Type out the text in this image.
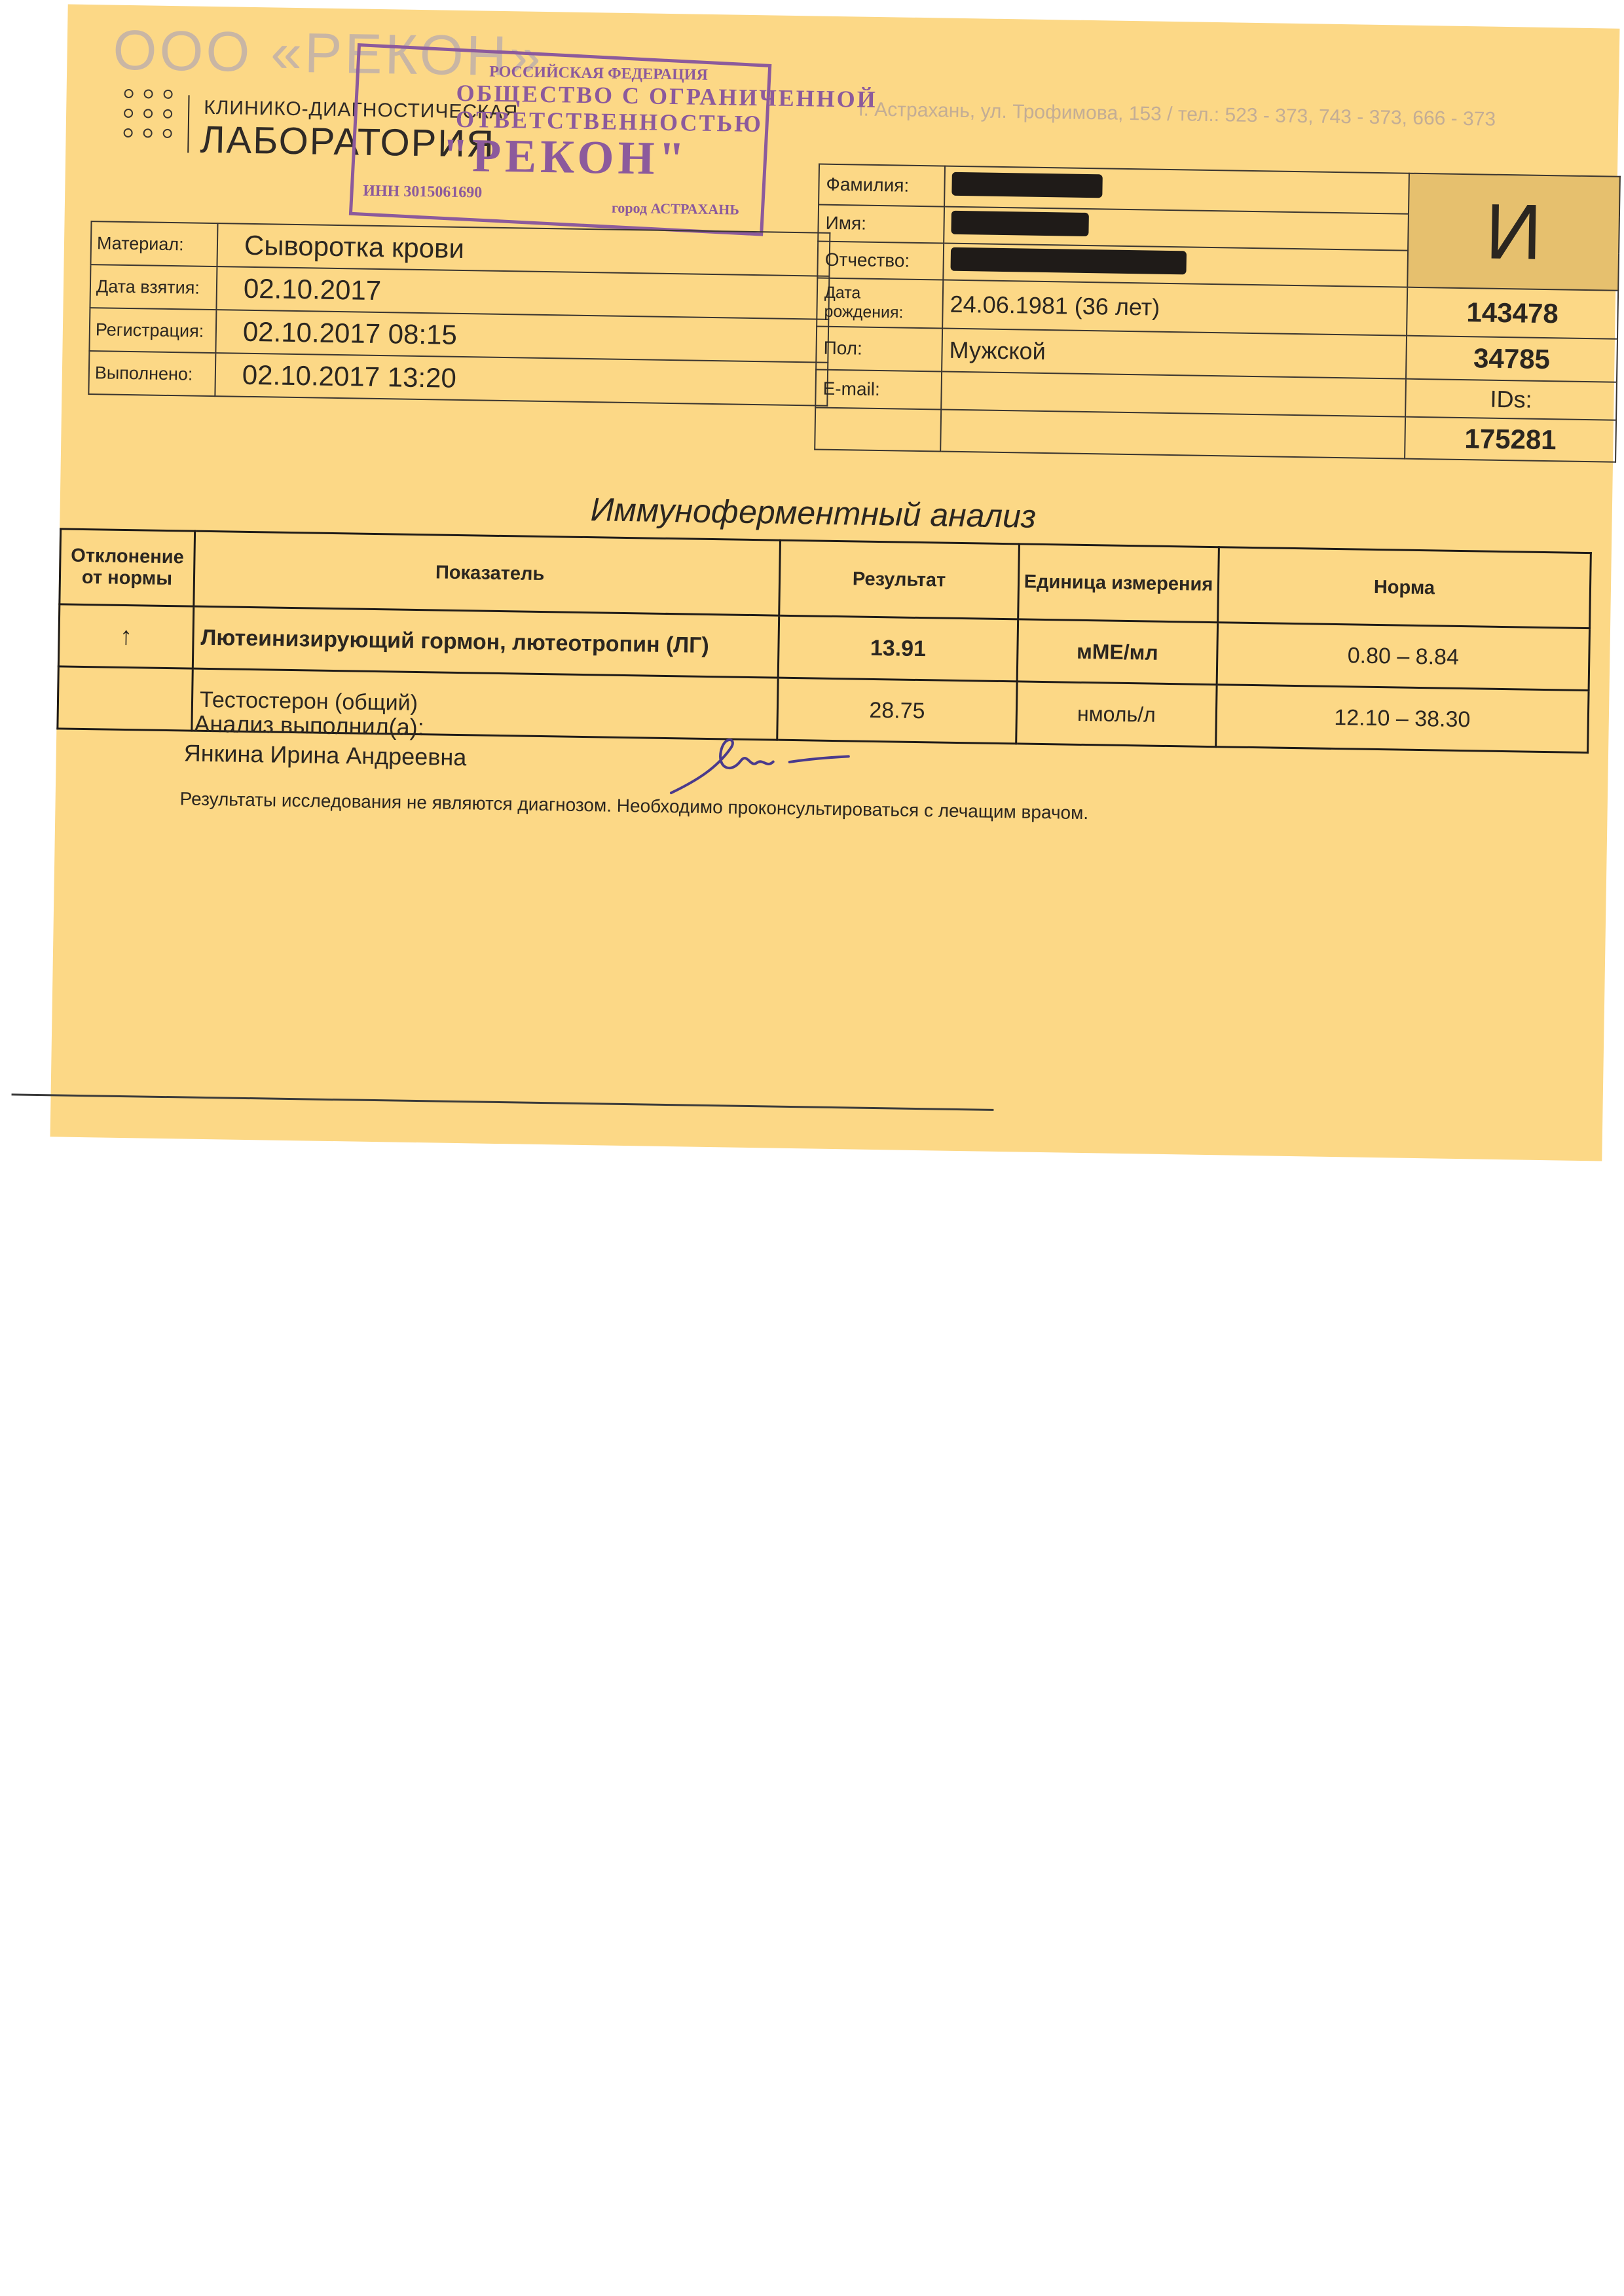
ООО «РЕКОН»
г. Астрахань, ул. Трофимова, 153 / тел.: 523 - 373, 743 - 373, 666 - 373
КЛИНИКО-ДИАГНОСТИЧЕСКАЯ
ЛАБОРАТОРИЯ
РОССИЙСКАЯ ФЕДЕРАЦИЯ
ОБЩЕСТВО С ОГРАНИЧЕННОЙ
ОТВЕТСТВЕННОСТЬЮ
"РЕКОН"
ИНН 3015061690
город АСТРАХАНЬ
Материал:	Сыворотка крови
Дата взятия:	02.10.2017
Регистрация:	02.10.2017 08:15
Выполнено:	02.10.2017 13:20
Фамилия:		И
Имя:		
Отчество:		
Дата рождения:	24.06.1981 (36 лет)	143478
Пол:	Мужской	34785
E-mail:		IDs:
		175281
Иммуноферментный анализ
Отклонение от нормы	Показатель	Результат	Единица измерения	Норма
↑	Лютеинизирующий гормон, лютеотропин (ЛГ)	13.91	мМЕ/мл	0.80 – 8.84
	Тестостерон (общий)	28.75	нмоль/л	12.10 – 38.30
Анализ выполнил(а):
Янкина Ирина Андреевна
Результаты исследования не являются диагнозом. Необходимо проконсультироваться с лечащим врачом.
